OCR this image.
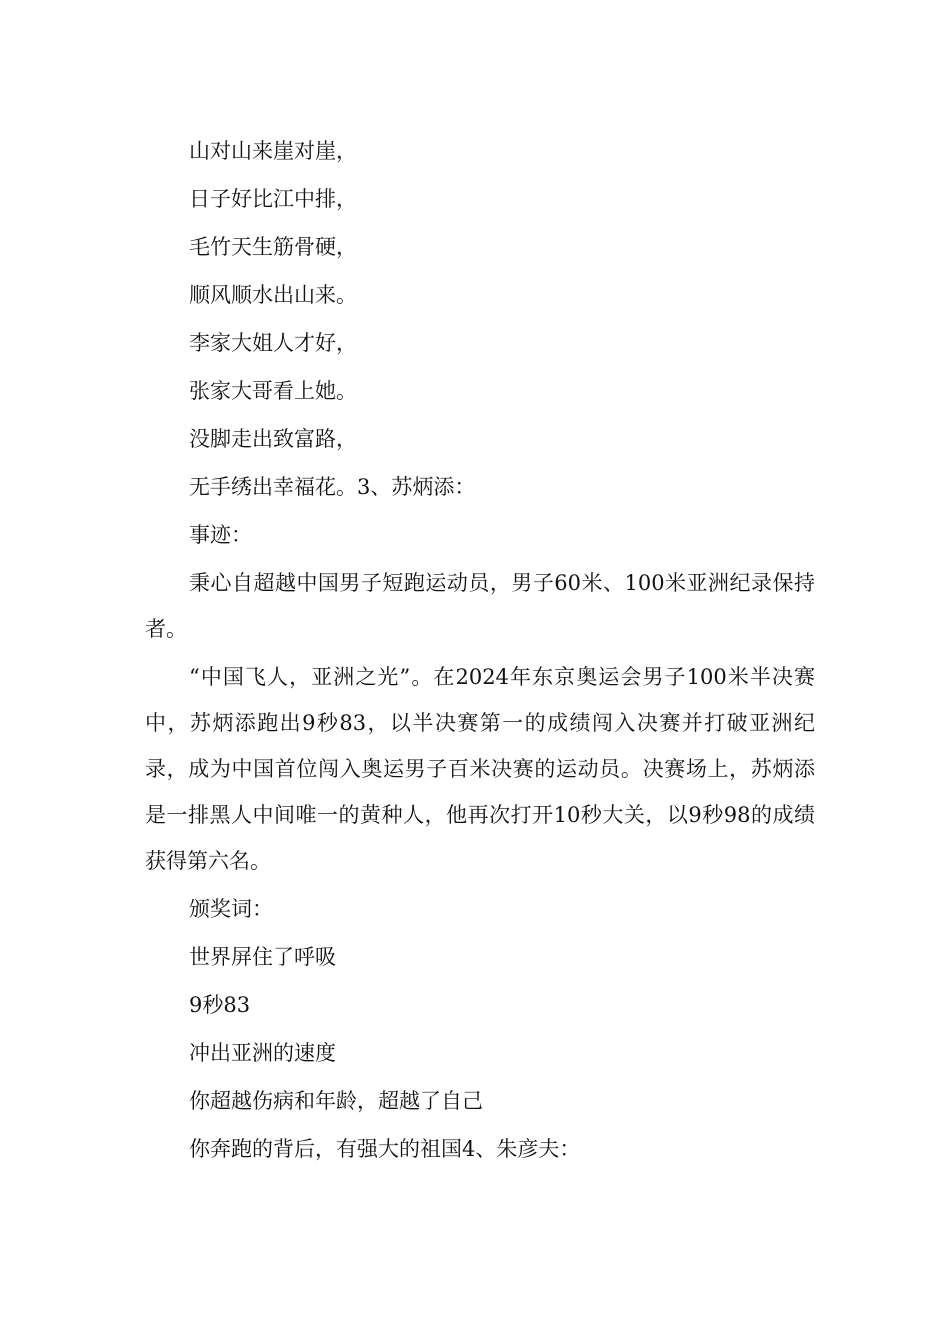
山对山来崖对崖，
日子好比江中排，
毛竹天生筋骨硬，
顺风顺水出山来。
李家大姐人才好，
张家大哥看上她。
没脚走出致富路，
无手绣出幸福花。3、苏炳添：
事迹：

秉心自超越中国男子短跑运动员，男子60米、100米亚洲纪录保持者。

“中国飞人，亚洲之光”。在2024年东京奥运会男子100米半决赛中，苏炳添跑出9秒83，以半决赛第一的成绩闯入决赛并打破亚洲纪录，成为中国首位闯入奥运男子百米决赛的运动员。决赛场上，苏炳添是一排黑人中间唯一的黄种人，他再次打开10秒大关，以9秒98的成绩获得第六名。

颁奖词：
世界屏住了呼吸
9秒83
冲出亚洲的速度
你超越伤病和年龄，超越了自己
你奔跑的背后，有强大的祖国4、朱彦夫：
